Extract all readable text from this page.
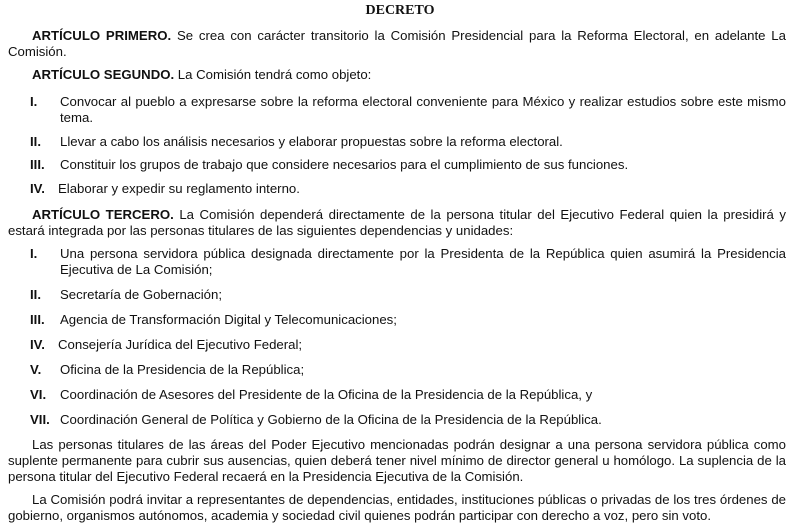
DECRETO
ARTÍCULO PRIMERO. Se crea con carácter transitorio la Comisión Presidencial para la Reforma Electoral, en adelante La Comisión.
ARTÍCULO SEGUNDO. La Comisión tendrá como objeto:
I. Convocar al pueblo a expresarse sobre la reforma electoral conveniente para México y realizar estudios sobre este mismo tema.
II. Llevar a cabo los análisis necesarios y elaborar propuestas sobre la reforma electoral.
III. Constituir los grupos de trabajo que considere necesarios para el cumplimiento de sus funciones.
IV. Elaborar y expedir su reglamento interno.
ARTÍCULO TERCERO. La Comisión dependerá directamente de la persona titular del Ejecutivo Federal quien la presidirá y estará integrada por las personas titulares de las siguientes dependencias y unidades:
I. Una persona servidora pública designada directamente por la Presidenta de la República quien asumirá la Presidencia Ejecutiva de La Comisión;
II. Secretaría de Gobernación;
III. Agencia de Transformación Digital y Telecomunicaciones;
IV. Consejería Jurídica del Ejecutivo Federal;
V. Oficina de la Presidencia de la República;
VI. Coordinación de Asesores del Presidente de la Oficina de la Presidencia de la República, y
VII. Coordinación General de Política y Gobierno de la Oficina de la Presidencia de la República.
Las personas titulares de las áreas del Poder Ejecutivo mencionadas podrán designar a una persona servidora pública como suplente permanente para cubrir sus ausencias, quien deberá tener nivel mínimo de director general u homólogo. La suplencia de la persona titular del Ejecutivo Federal recaerá en la Presidencia Ejecutiva de la Comisión.
La Comisión podrá invitar a representantes de dependencias, entidades, instituciones públicas o privadas de los tres órdenes de gobierno, organismos autónomos, academia y sociedad civil quienes podrán participar con derecho a voz, pero sin voto.
